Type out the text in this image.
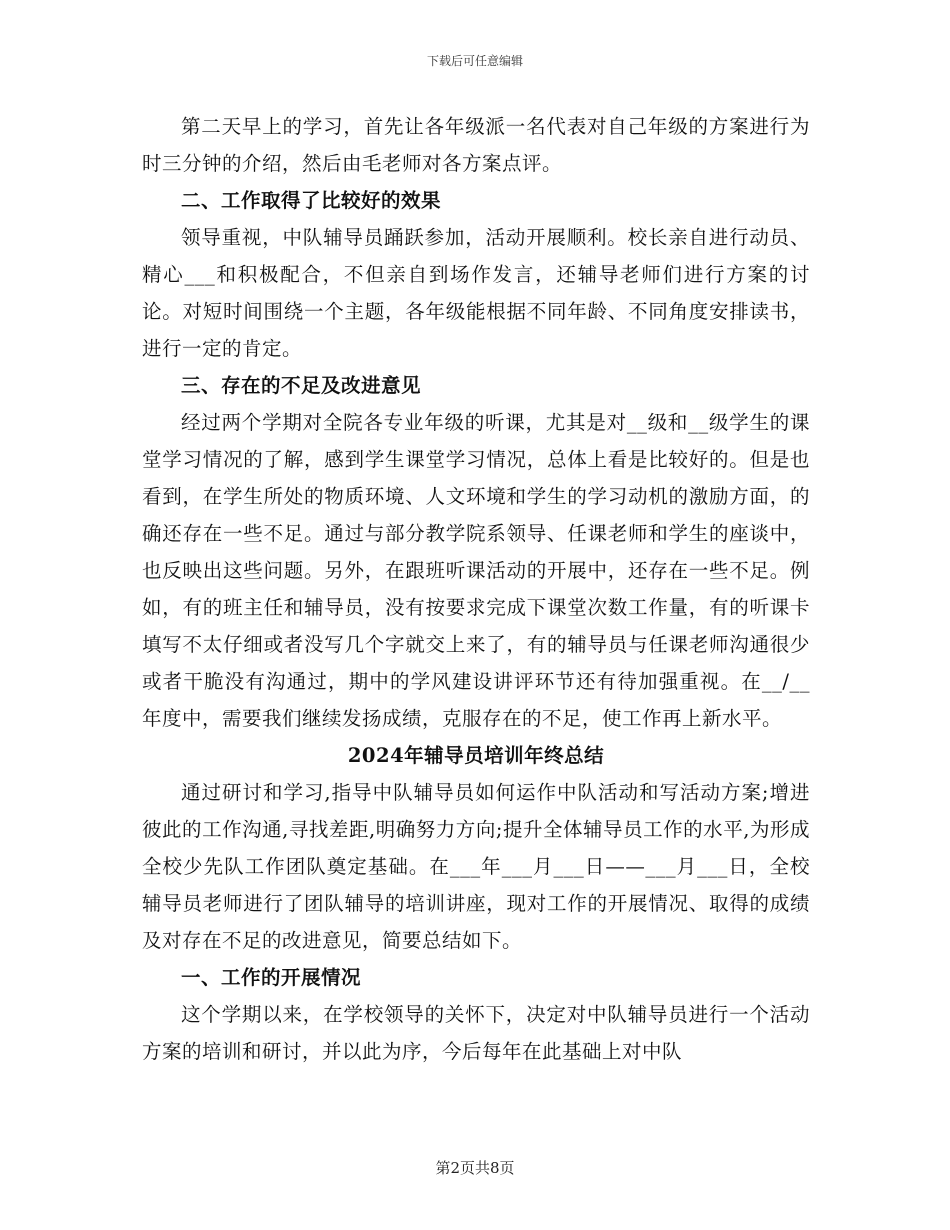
下载后可任意编辑

第二天早上的学习，首先让各年级派一名代表对自己年级的方案进行为时三分钟的介绍，然后由毛老师对各方案点评。

二、工作取得了比较好的效果

领导重视，中队辅导员踊跃参加，活动开展顺利。校长亲自进行动员、精心___和积极配合，不但亲自到场作发言，还辅导老师们进行方案的讨论。对短时间围绕一个主题，各年级能根据不同年龄、不同角度安排读书，进行一定的肯定。

三、存在的不足及改进意见

经过两个学期对全院各专业年级的听课，尤其是对__级和__级学生的课堂学习情况的了解，感到学生课堂学习情况，总体上看是比较好的。但是也看到，在学生所处的物质环境、人文环境和学生的学习动机的激励方面，的确还存在一些不足。通过与部分教学院系领导、任课老师和学生的座谈中，也反映出这些问题。另外，在跟班听课活动的开展中，还存在一些不足。例如，有的班主任和辅导员，没有按要求完成下课堂次数工作量，有的听课卡填写不太仔细或者没写几个字就交上来了，有的辅导员与任课老师沟通很少或者干脆没有沟通过，期中的学风建设讲评环节还有待加强重视。在__/__年度中，需要我们继续发扬成绩，克服存在的不足，使工作再上新水平。

2024年辅导员培训年终总结

通过研讨和学习,指导中队辅导员如何运作中队活动和写活动方案;增进彼此的工作沟通,寻找差距,明确努力方向;提升全体辅导员工作的水平,为形成全校少先队工作团队奠定基础。在___年___月___日——___月___日，全校辅导员老师进行了团队辅导的培训讲座，现对工作的开展情况、取得的成绩及对存在不足的改进意见，简要总结如下。

一、工作的开展情况

这个学期以来，在学校领导的关怀下，决定对中队辅导员进行一个活动方案的培训和研讨，并以此为序，今后每年在此基础上对中队

第2页共8页
